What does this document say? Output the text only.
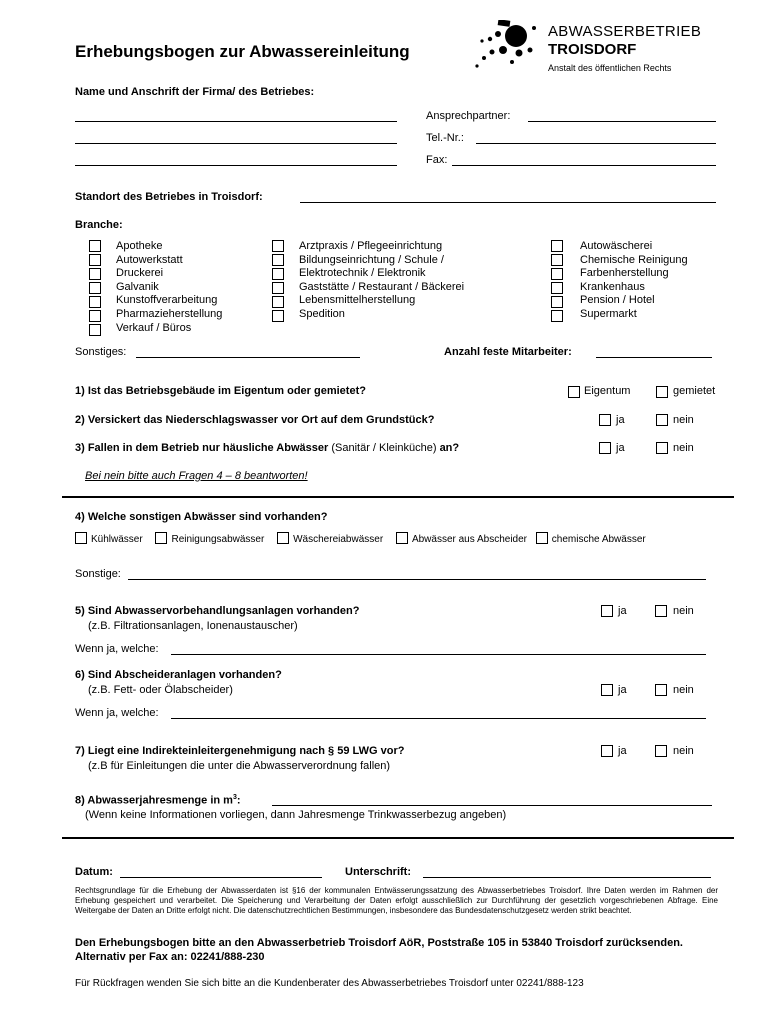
Erhebungsbogen zur Abwassereinleitung
ABWASSERBETRIEB
TROISDORF
Anstalt des öffentlichen Rechts
Name und Anschrift der Firma/ des Betriebes:
Ansprechpartner:
Tel.-Nr.:
Fax:
Standort des Betriebes in Troisdorf:
Branche:
Apotheke
Autowerkstatt
Druckerei
Galvanik
Kunstoffverarbeitung
Pharmazieherstellung
Verkauf / Büros
Arztpraxis / Pflegeeinrichtung
Bildungseinrichtung / Schule /
Elektrotechnik / Elektronik
Gaststätte / Restaurant / Bäckerei
Lebensmittelherstellung
Spedition
Autowäscherei
Chemische Reinigung
Farbenherstellung
Krankenhaus
Pension / Hotel
Supermarkt
Sonstiges:	Anzahl feste Mitarbeiter:
1) Ist das Betriebsgebäude im Eigentum oder gemietet?	Eigentum	gemietet
2) Versickert das Niederschlagswasser vor Ort auf dem Grundstück?	ja	nein
3) Fallen in dem Betrieb nur häusliche Abwässer (Sanitär / Kleinküche) an?	ja	nein
Bei nein bitte auch Fragen 4 – 8 beantworten!
4) Welche sonstigen Abwässer sind vorhanden?
Kühlwässer	Reinigungsabwässer	Wäschereiabwässer	Abwässer aus Abscheider chemische Abwässer
Sonstige:
5) Sind Abwasservorbehandlungsanlagen vorhanden?
(z.B. Filtrationsanlagen, Ionenaustauscher)
ja	nein
Wenn ja, welche:
6) Sind Abscheideranlagen vorhanden?
(z.B. Fett- oder Ölabscheider)	ja	nein
Wenn ja, welche:
7) Liegt eine Indirekteinleitergenehmigung nach § 59 LWG vor?
(z.B für Einleitungen die unter die Abwasserverordnung fallen)
ja	nein
8) Abwasserjahresmenge in $m^3$:
(Wenn keine Informationen vorliegen, dann Jahresmenge Trinkwasserbezug angeben)
Datum:	Unterschrift:
Rechtsgrundlage für die Erhebung der Abwasserdaten ist §16 der kommunalen Entwässerungssatzung des Abwasserbetriebes Troisdorf. Ihre Daten werden im Rahmen der Erhebung gespeichert und verarbeitet. Die Speicherung und Verarbeitung der Daten erfolgt ausschließlich zur Durchführung der gesetzlich vorgeschriebenen Abfrage. Eine Weitergabe der Daten an Dritte erfolgt nicht. Die datenschutzrechtlichen Bestimmungen, insbesondere das Bundesdatenschutzgesetz werden strikt beachtet.
Den Erhebungsbogen bitte an den Abwasserbetrieb Troisdorf AöR, Poststraße 105 in 53840 Troisdorf zurücksenden. Alternativ per Fax an: 02241/888-230
Für Rückfragen wenden Sie sich bitte an die Kundenberater des Abwasserbetriebes Troisdorf unter 02241/888-123
